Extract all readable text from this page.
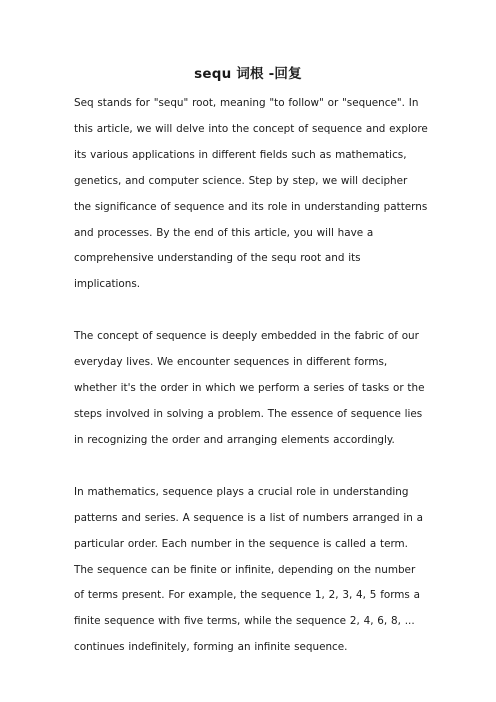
sequ 词根 -回复

Seq stands for "sequ" root, meaning "to follow" or "sequence". In this article, we will delve into the concept of sequence and explore its various applications in different fields such as mathematics, genetics, and computer science. Step by step, we will decipher the significance of sequence and its role in understanding patterns and processes. By the end of this article, you will have a comprehensive understanding of the sequ root and its implications.

The concept of sequence is deeply embedded in the fabric of our everyday lives. We encounter sequences in different forms, whether it's the order in which we perform a series of tasks or the steps involved in solving a problem. The essence of sequence lies in recognizing the order and arranging elements accordingly.

In mathematics, sequence plays a crucial role in understanding patterns and series. A sequence is a list of numbers arranged in a particular order. Each number in the sequence is called a term. The sequence can be finite or infinite, depending on the number of terms present. For example, the sequence 1, 2, 3, 4, 5 forms a finite sequence with five terms, while the sequence 2, 4, 6, 8, ... continues indefinitely, forming an infinite sequence.
